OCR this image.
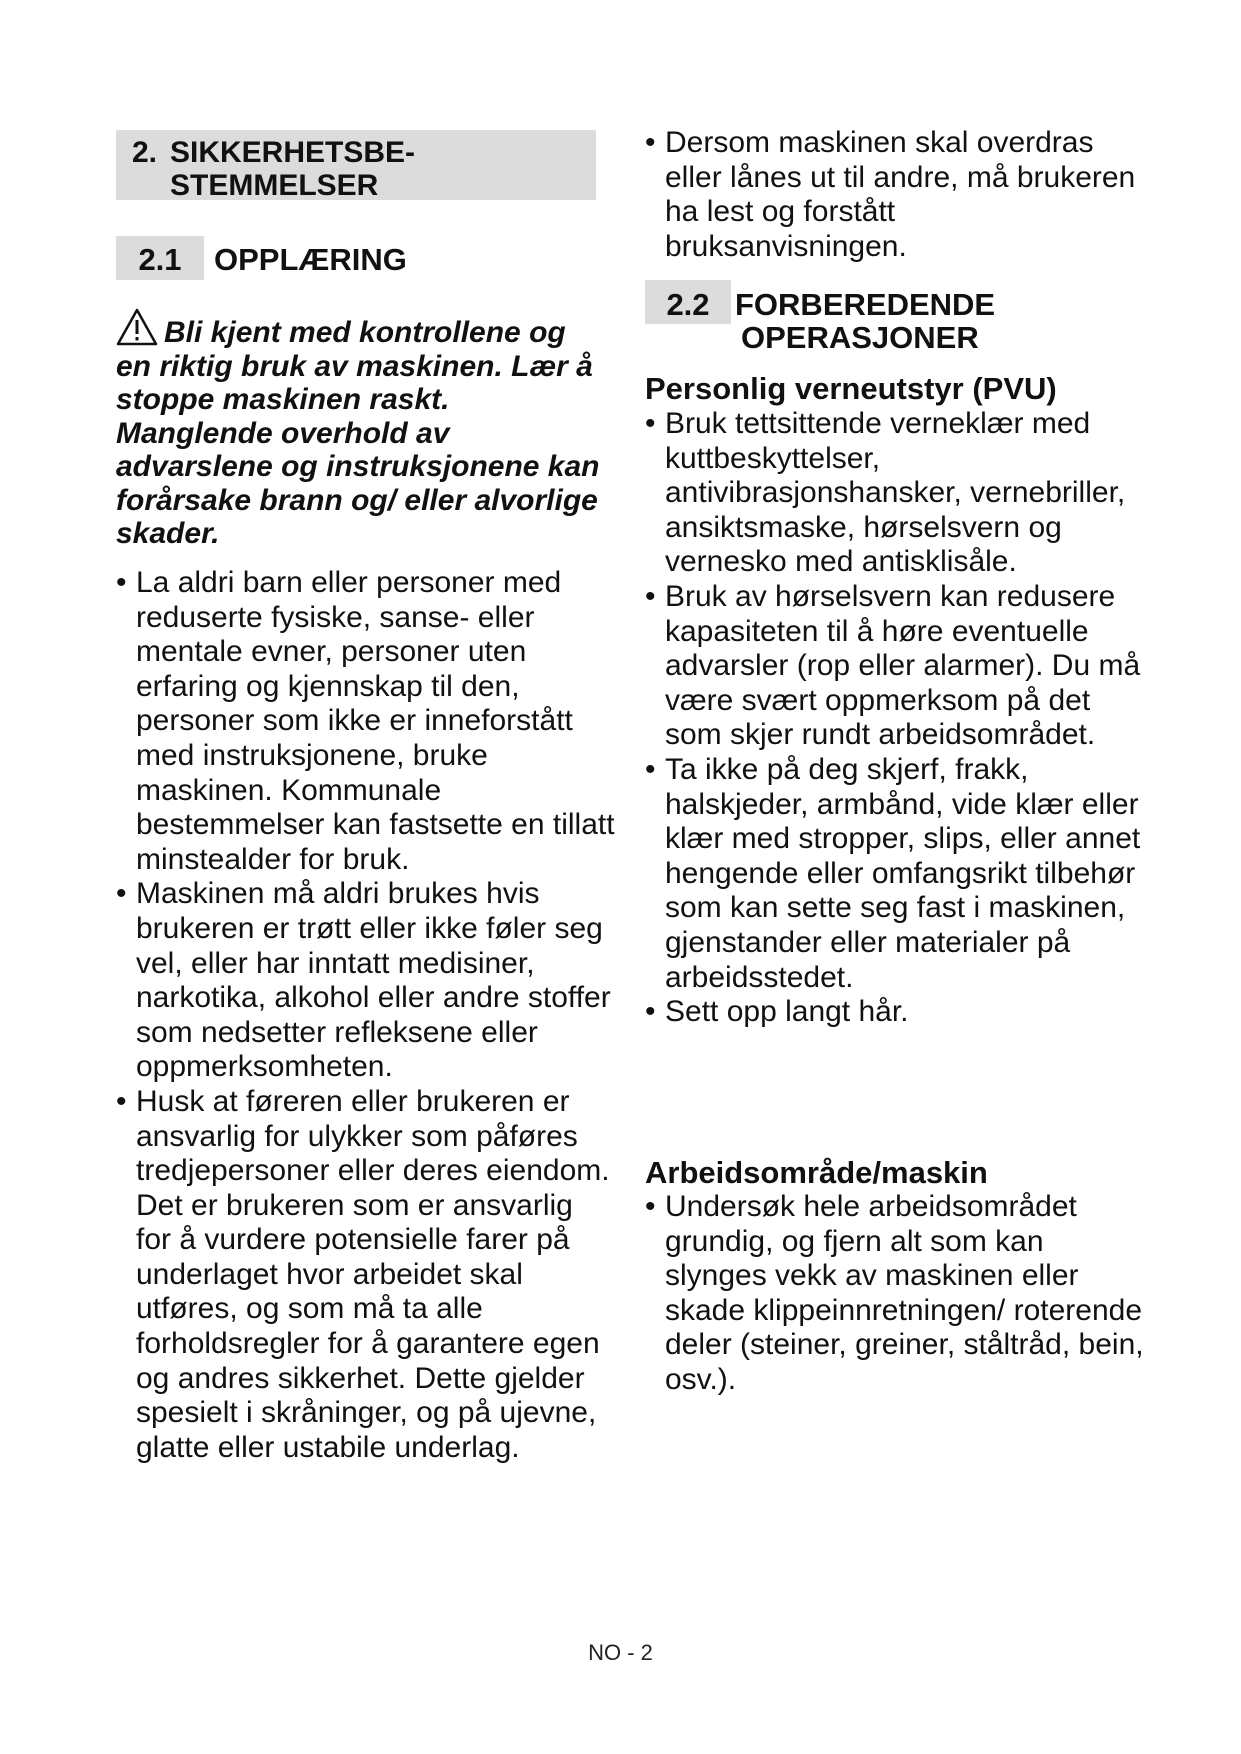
2. SIKKERHETSBE-
STEMMELSER
2.1	OPPLÆRING
Bli kjent med kontrollene og en riktig bruk av maskinen. Lær å stoppe maskinen raskt. Manglende overhold av advarslene og instruksjonene kan forårsake brann og/ eller alvorlige skader.
• La aldri barn eller personer med reduserte fysiske, sanse- eller mentale evner, personer uten erfaring og kjennskap til den, personer som ikke er inneforstått med instruksjonene, bruke maskinen. Kommunale bestemmelser kan fastsette en tillatt minstealder for bruk.
• Maskinen må aldri brukes hvis brukeren er trøtt eller ikke føler seg vel, eller har inntatt medisiner, narkotika, alkohol eller andre stoffer som nedsetter refleksene eller oppmerksomheten.
• Husk at føreren eller brukeren er ansvarlig for ulykker som påføres tredjepersoner eller deres eiendom. Det er brukeren som er ansvarlig for å vurdere potensielle farer på underlaget hvor arbeidet skal utføres, og som må ta alle forholdsregler for å garantere egen og andres sikkerhet. Dette gjelder spesielt i skråninger, og på ujevne, glatte eller ustabile underlag.
• Dersom maskinen skal overdras eller lånes ut til andre, må brukeren ha lest og forstått bruksanvisningen.
2.2 FORBEREDENDE
OPERASJONER
Personlig verneutstyr (PVU)
• Bruk tettsittende verneklær med kuttbeskyttelser, antivibrasjonshansker, vernebriller, ansiktsmaske, hørselsvern og vernesko med antisklisåle.
• Bruk av hørselsvern kan redusere kapasiteten til å høre eventuelle advarsler (rop eller alarmer). Du må være svært oppmerksom på det som skjer rundt arbeidsområdet.
• Ta ikke på deg skjerf, frakk, halskjeder, armbånd, vide klær eller klær med stropper, slips, eller annet hengende eller omfangsrikt tilbehør som kan sette seg fast i maskinen, gjenstander eller materialer på arbeidsstedet.
• Sett opp langt hår.
Arbeidsområde/maskin
• Undersøk hele arbeidsområdet grundig, og fjern alt som kan slynges vekk av maskinen eller skade klippeinnretningen/ roterende deler (steiner, greiner, ståltråd, bein, osv.).
NO - 2
